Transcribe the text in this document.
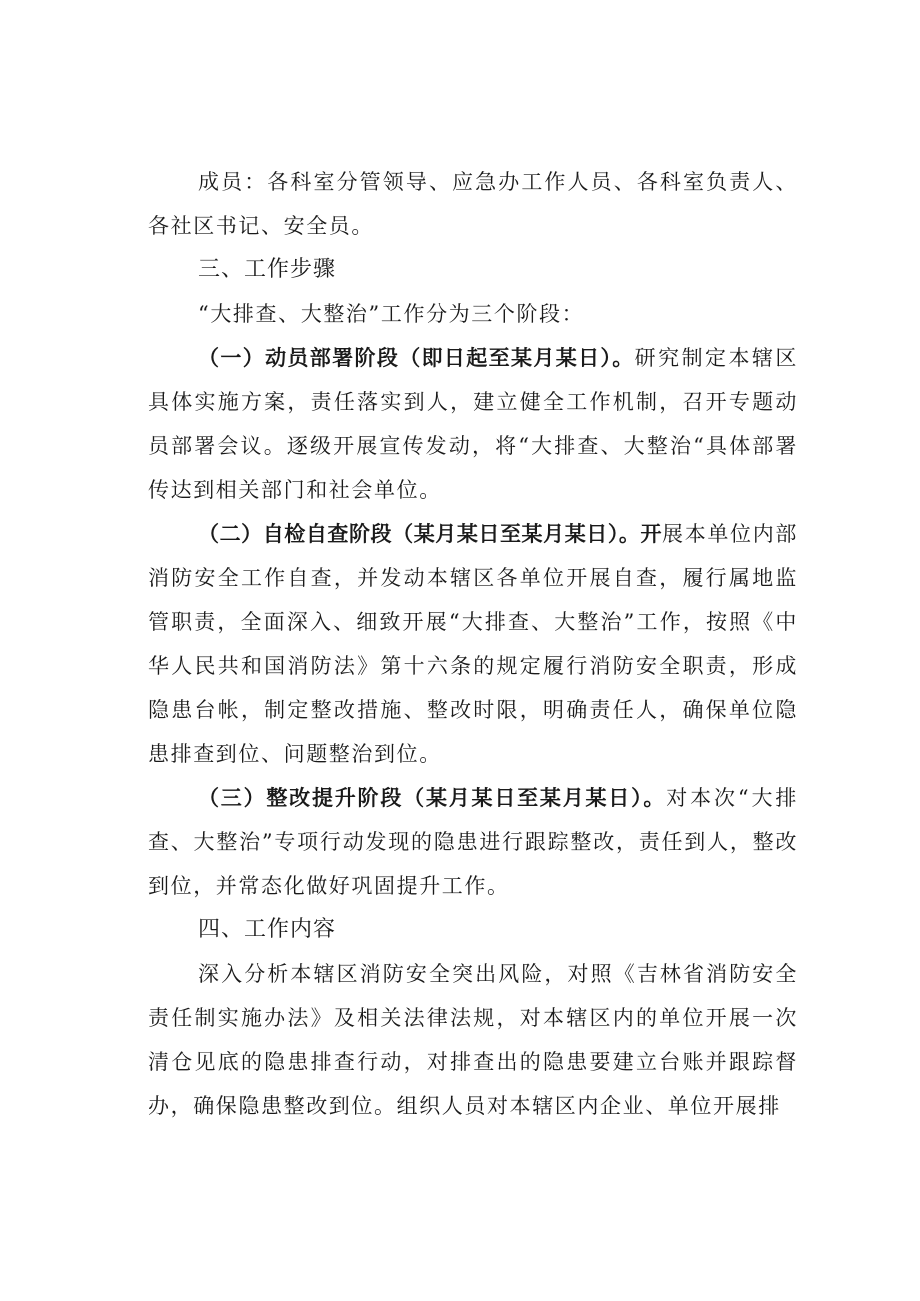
成员：各科室分管领导、应急办工作人员、各科室负责人、各社区书记、安全员。

三、工作步骤

“大排查、大整治”工作分为三个阶段：

（一）动员部署阶段（即日起至某月某日）。研究制定本辖区具体实施方案，责任落实到人，建立健全工作机制，召开专题动员部署会议。逐级开展宣传发动，将“大排查、大整治“具体部署传达到相关部门和社会单位。

（二）自检自查阶段（某月某日至某月某日）。开展本单位内部消防安全工作自查，并发动本辖区各单位开展自查，履行属地监管职责，全面深入、细致开展“大排查、大整治”工作，按照《中华人民共和国消防法》第十六条的规定履行消防安全职责，形成隐患台帐，制定整改措施、整改时限，明确责任人，确保单位隐患排查到位、问题整治到位。

（三）整改提升阶段（某月某日至某月某日）。对本次“大排查、大整治”专项行动发现的隐患进行跟踪整改，责任到人，整改到位，并常态化做好巩固提升工作。

四、工作内容

深入分析本辖区消防安全突出风险，对照《吉林省消防安全责任制实施办法》及相关法律法规，对本辖区内的单位开展一次清仓见底的隐患排查行动，对排查出的隐患要建立台账并跟踪督办，确保隐患整改到位。组织人员对本辖区内企业、单位开展排
